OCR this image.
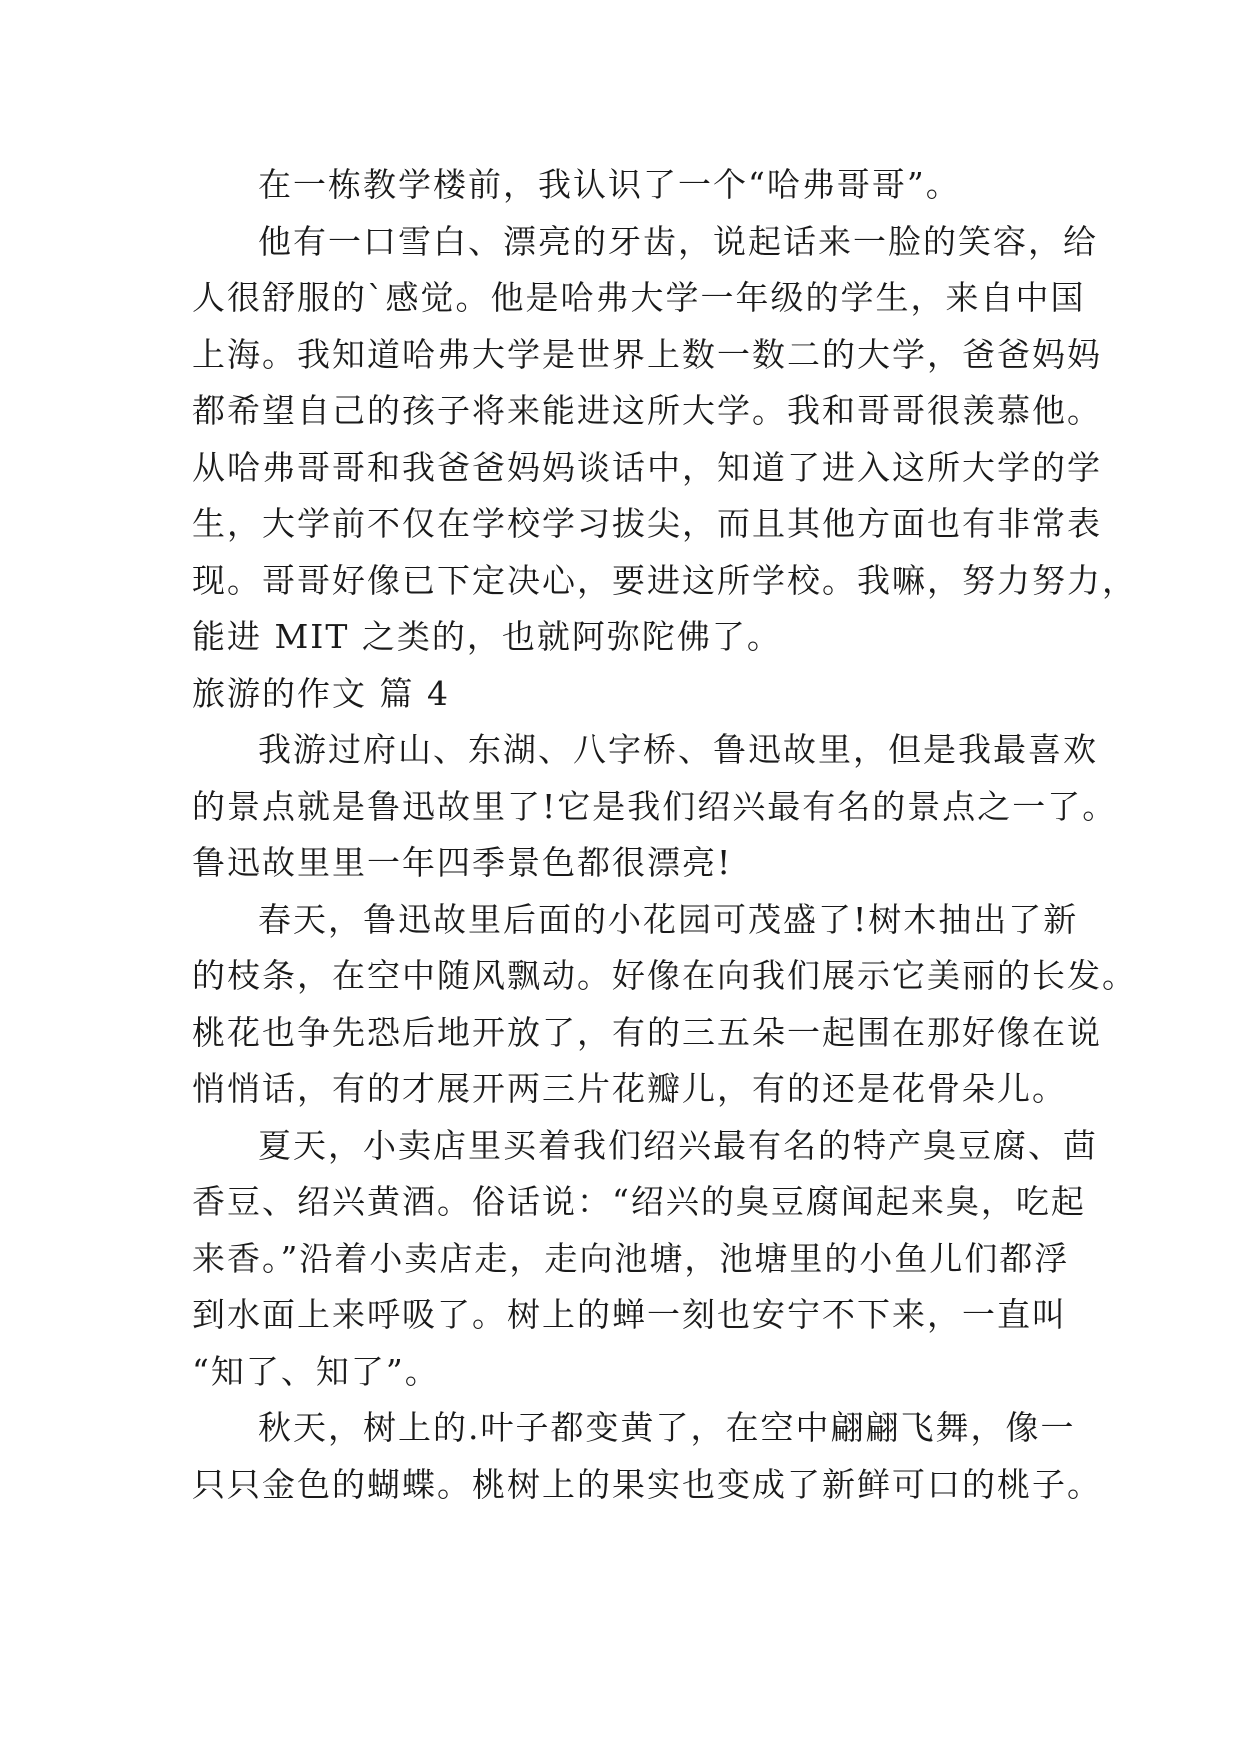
在一栋教学楼前，我认识了一个“哈弗哥哥”。
他有一口雪白、漂亮的牙齿，说起话来一脸的笑容，给
人很舒服的`感觉。他是哈弗大学一年级的学生，来自中国
上海。我知道哈弗大学是世界上数一数二的大学，爸爸妈妈
都希望自己的孩子将来能进这所大学。我和哥哥很羡慕他。
从哈弗哥哥和我爸爸妈妈谈话中，知道了进入这所大学的学
生，大学前不仅在学校学习拔尖，而且其他方面也有非常表
现。哥哥好像已下定决心，要进这所学校。我嘛，努力努力，
能进 MIT 之类的，也就阿弥陀佛了。
旅游的作文 篇 4
我游过府山、东湖、八字桥、鲁迅故里，但是我最喜欢
的景点就是鲁迅故里了!它是我们绍兴最有名的景点之一了。
鲁迅故里里一年四季景色都很漂亮!
春天，鲁迅故里后面的小花园可茂盛了!树木抽出了新
的枝条，在空中随风飘动。好像在向我们展示它美丽的长发。
桃花也争先恐后地开放了，有的三五朵一起围在那好像在说
悄悄话，有的才展开两三片花瓣儿，有的还是花骨朵儿。
夏天，小卖店里买着我们绍兴最有名的特产臭豆腐、茴
香豆、绍兴黄酒。俗话说：“绍兴的臭豆腐闻起来臭，吃起
来香。”沿着小卖店走，走向池塘，池塘里的小鱼儿们都浮
到水面上来呼吸了。树上的蝉一刻也安宁不下来，一直叫
“知了、知了”。
秋天，树上的.叶子都变黄了，在空中翩翩飞舞，像一
只只金色的蝴蝶。桃树上的果实也变成了新鲜可口的桃子。
